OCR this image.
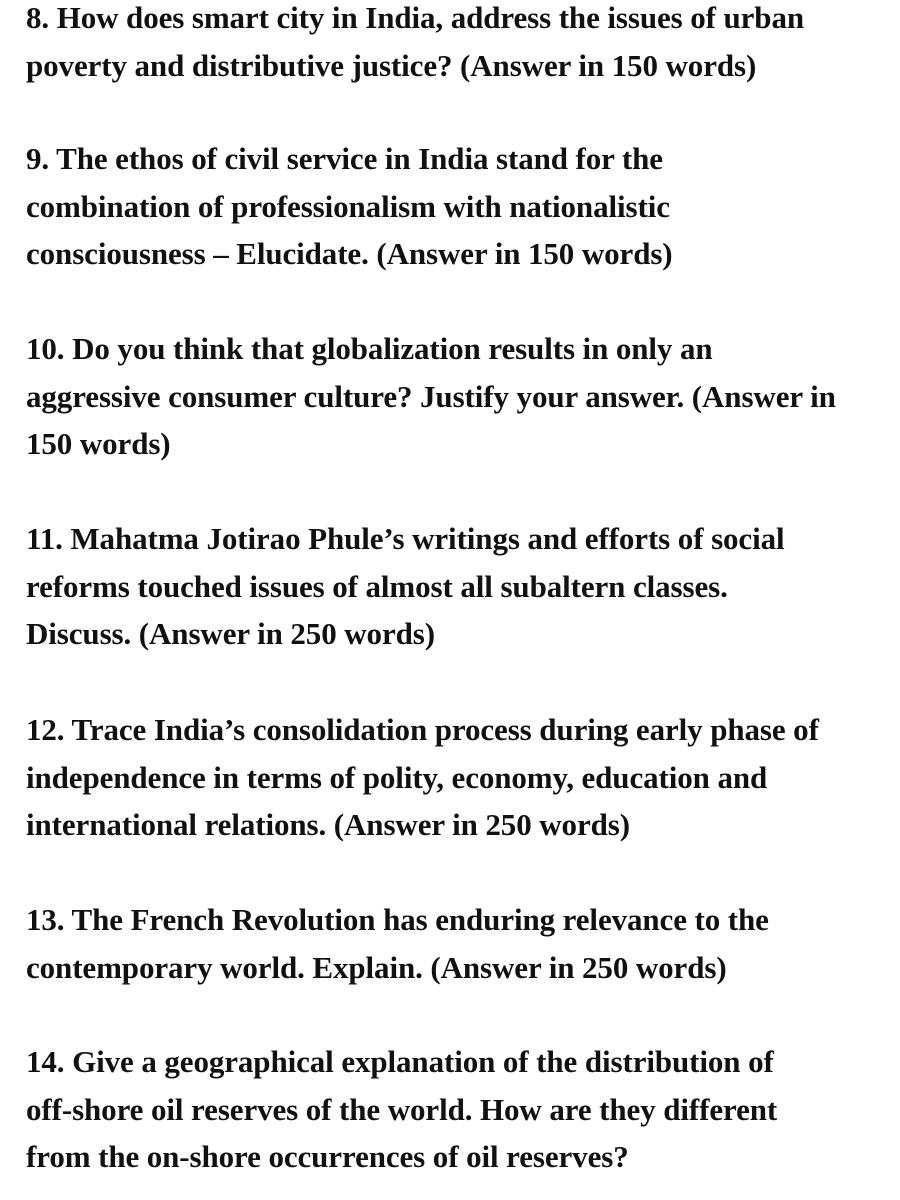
8. How does smart city in India, address the issues of urban
poverty and distributive justice? (Answer in 150 words)
9. The ethos of civil service in India stand for the
combination of professionalism with nationalistic
consciousness – Elucidate. (Answer in 150 words)
10. Do you think that globalization results in only an
aggressive consumer culture? Justify your answer. (Answer in
150 words)
11. Mahatma Jotirao Phule’s writings and efforts of social
reforms touched issues of almost all subaltern classes.
Discuss. (Answer in 250 words)
12. Trace India’s consolidation process during early phase of
independence in terms of polity, economy, education and
international relations. (Answer in 250 words)
13. The French Revolution has enduring relevance to the
contemporary world. Explain. (Answer in 250 words)
14. Give a geographical explanation of the distribution of
off-shore oil reserves of the world. How are they different
from the on-shore occurrences of oil reserves?
